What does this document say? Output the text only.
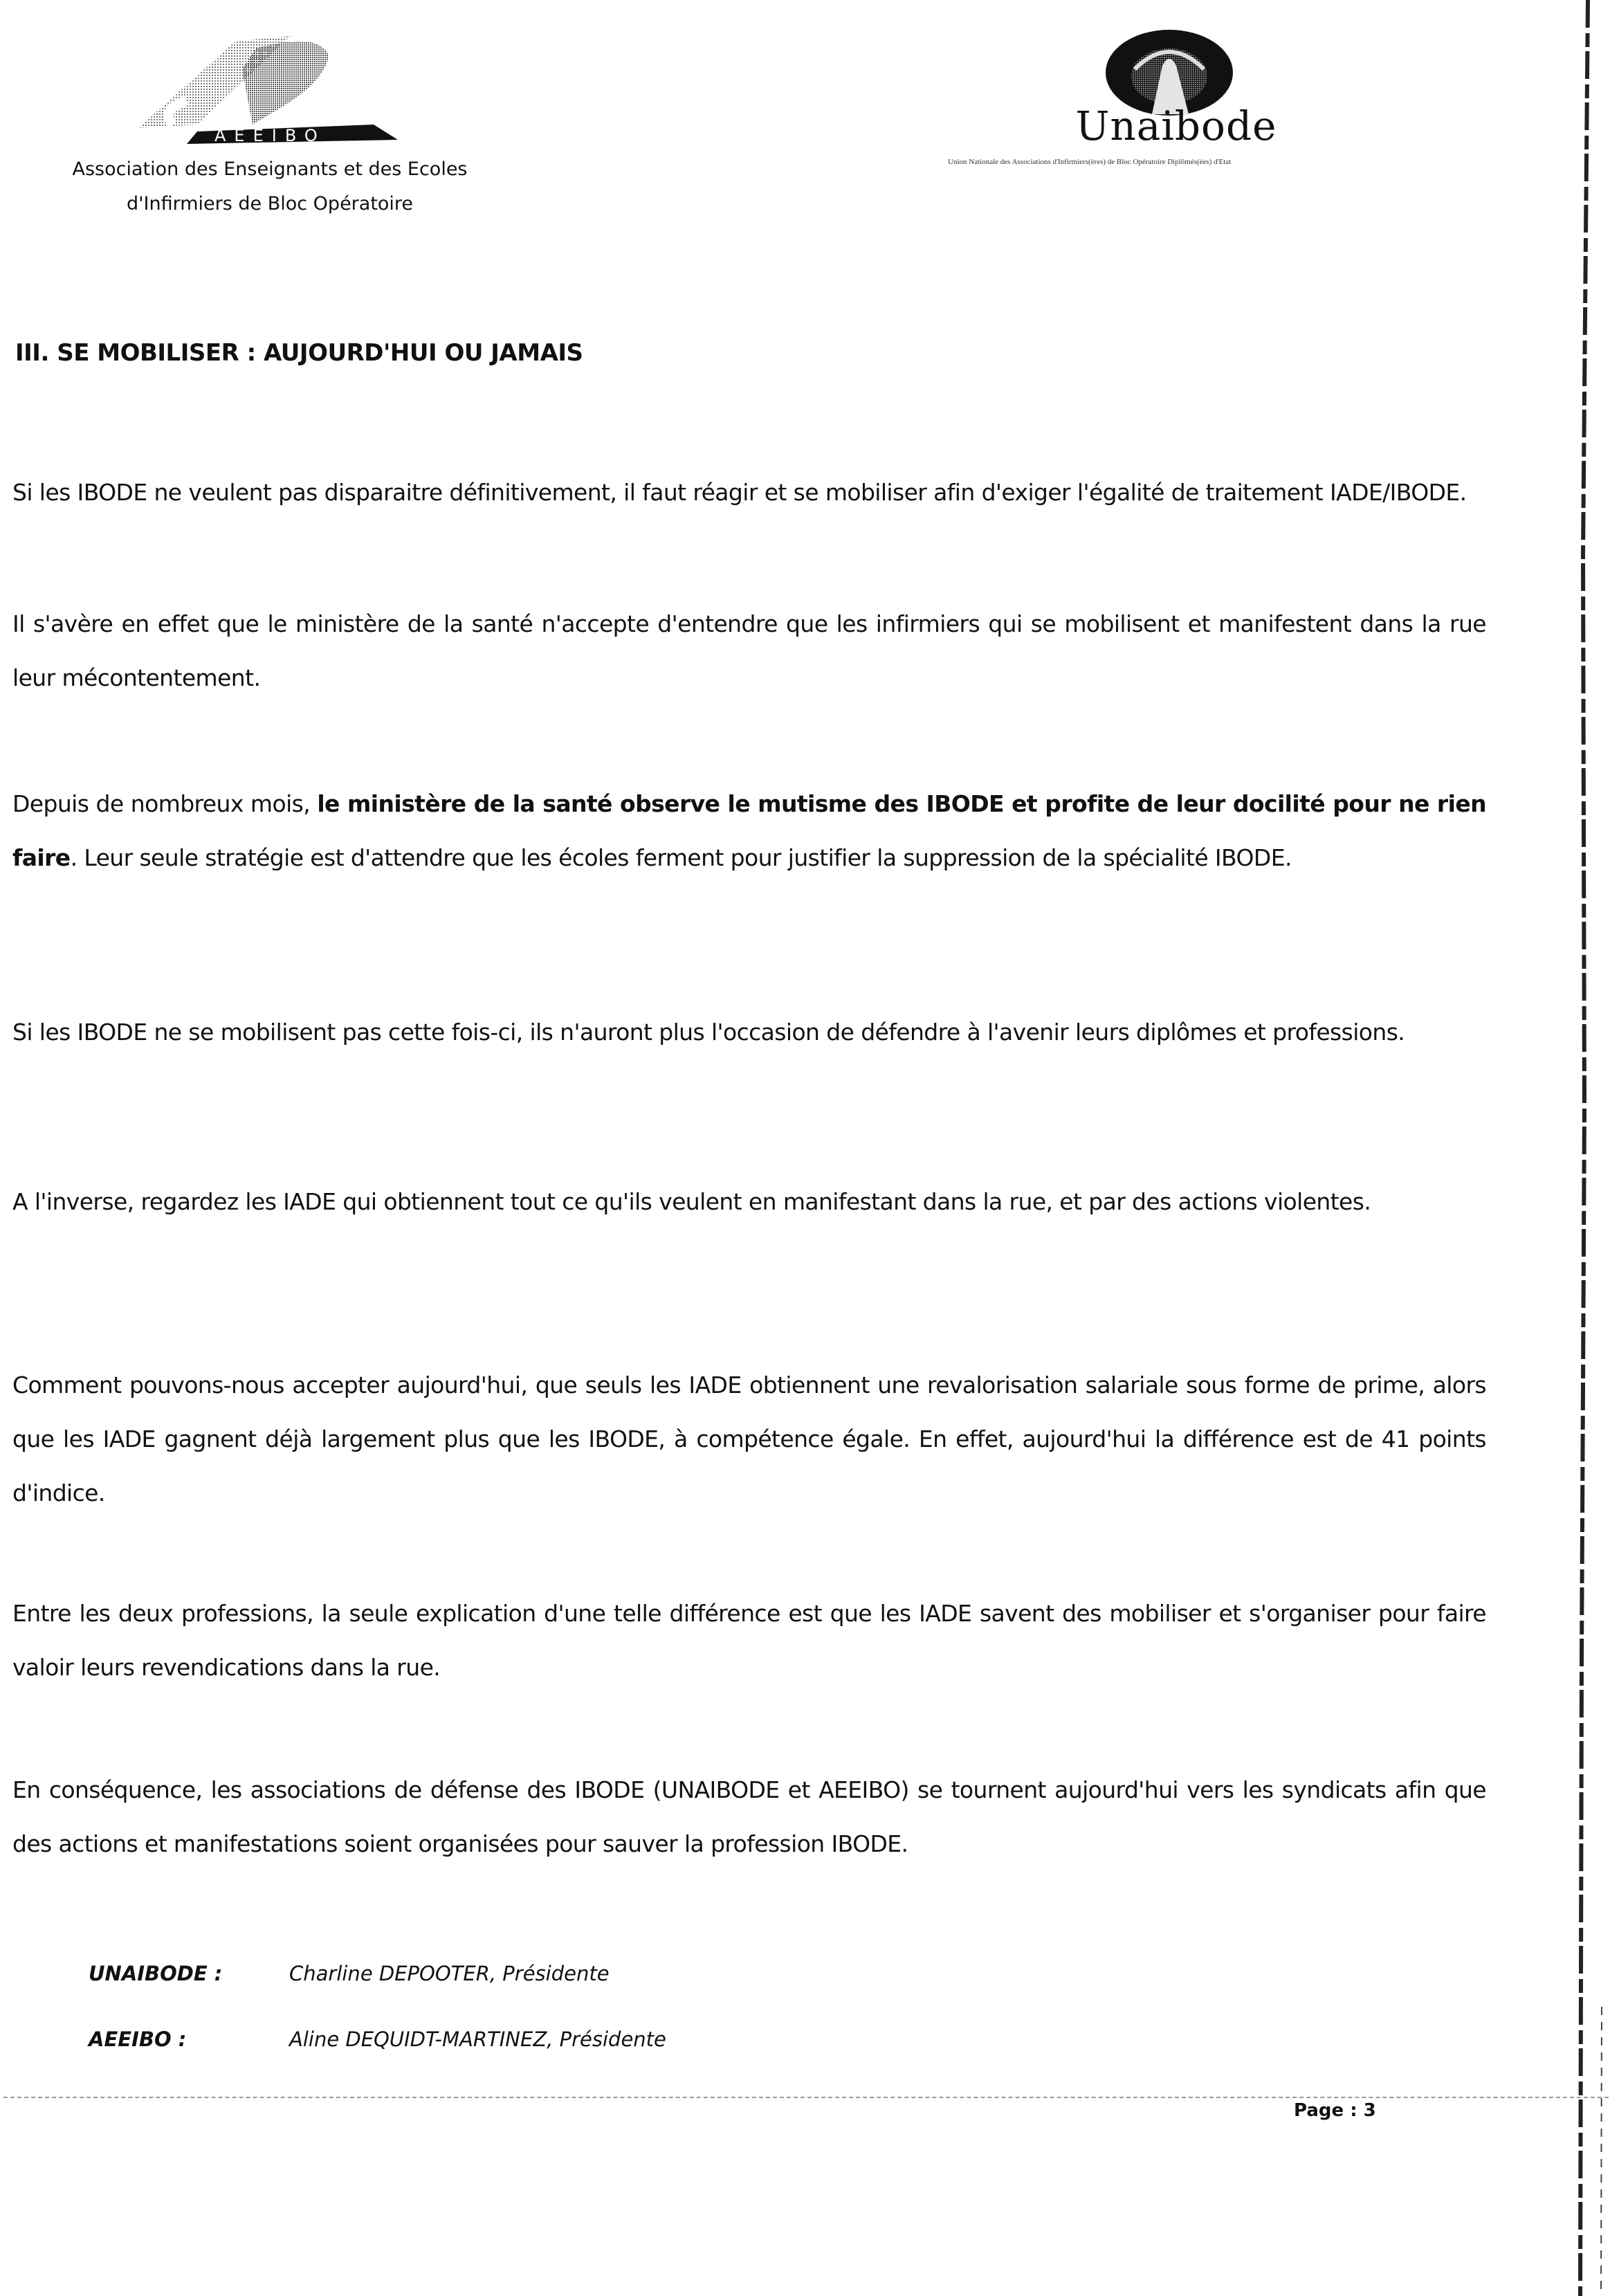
AEEIBO
Association des Enseignants et des Ecoles
d'Infirmiers de Bloc Opératoire
Unaibode
Union Nationale des Associations d'Infirmiers(ères) de Bloc Opératoire Diplômés(ées) d'Etat
III. SE MOBILISER : AUJOURD'HUI OU JAMAIS

Si les IBODE ne veulent pas disparaitre définitivement, il faut réagir et se mobiliser afin d'exiger l'égalité de traitement IADE/IBODE.

Il s'avère en effet que le ministère de la santé n'accepte d'entendre que les infirmiers qui se mobilisent et manifestent dans la rue leur mécontentement.

Depuis de nombreux mois, le ministère de la santé observe le mutisme des IBODE et profite de leur docilité pour ne rien faire. Leur seule stratégie est d'attendre que les écoles ferment pour justifier la suppression de la spécialité IBODE.

Si les IBODE ne se mobilisent pas cette fois-ci, ils n'auront plus l'occasion de défendre à l'avenir leurs diplômes et professions.

A l'inverse, regardez les IADE qui obtiennent tout ce qu'ils veulent en manifestant dans la rue, et par des actions violentes.

Comment pouvons-nous accepter aujourd'hui, que seuls les IADE obtiennent une revalorisation salariale sous forme de prime, alors que les IADE gagnent déjà largement plus que les IBODE, à compétence égale. En effet, aujourd'hui la différence est de 41 points d'indice.

Entre les deux professions, la seule explication d'une telle différence est que les IADE savent des mobiliser et s'organiser pour faire valoir leurs revendications dans la rue.

En conséquence, les associations de défense des IBODE (UNAIBODE et AEEIBO) se tournent aujourd'hui vers les syndicats afin que des actions et manifestations soient organisées pour sauver la profession IBODE.

UNAIBODE :	Charline DEPOOTER, Présidente
AEEIBO :	Aline DEQUIDT-MARTINEZ, Présidente
Page : 3
